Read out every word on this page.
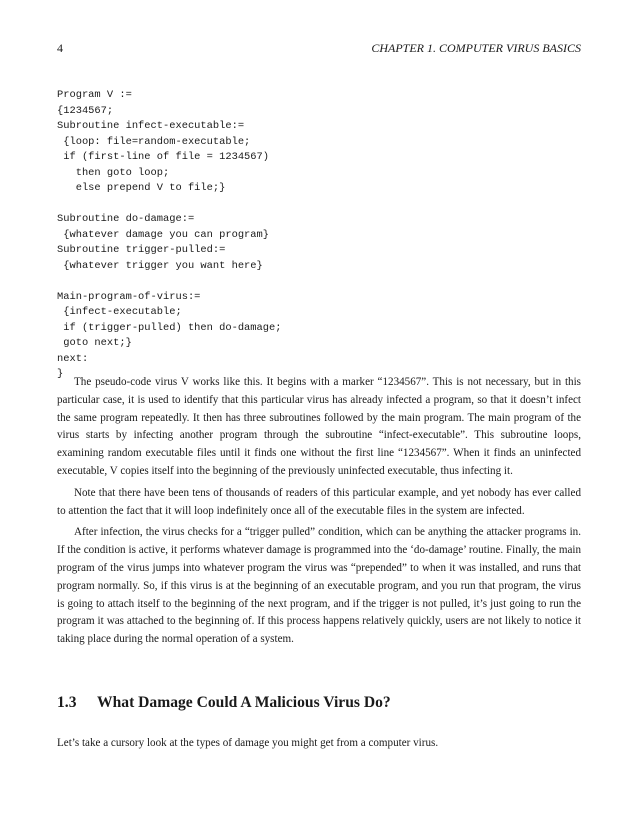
4	CHAPTER 1. COMPUTER VIRUS BASICS
Program V :=
{1234567;
Subroutine infect-executable:=
{loop: file=random-executable;
if (first-line of file = 1234567)
then goto loop;
else prepend V to file;}
Subroutine do-damage:=
{whatever damage you can program}
Subroutine trigger-pulled:=
{whatever trigger you want here}
Main-program-of-virus:=
{infect-executable;
if (trigger-pulled) then do-damage;
goto next;}
next:
}

The pseudo-code virus V works like this. It begins with a marker “1234567”. This is not necessary, but in this particular case, it is used to identify that this particular virus has already infected a program, so that it doesn’t infect the same program repeatedly. It then has three subroutines followed by the main program. The main program of the virus starts by infecting another program through the subroutine “infect-executable”. This subroutine loops, examining random executable files until it finds one without the first line “1234567”. When it finds an uninfected executable, V copies itself into the beginning of the previously uninfected executable, thus infecting it.

Note that there have been tens of thousands of readers of this particular example, and yet nobody has ever called to attention the fact that it will loop indefinitely once all of the executable files in the system are infected.

After infection, the virus checks for a “trigger pulled” condition, which can be anything the attacker programs in. If the condition is active, it performs whatever damage is programmed into the ‘do-damage’ routine. Finally, the main program of the virus jumps into whatever program the virus was “prepended” to when it was installed, and runs that program normally. So, if this virus is at the beginning of an executable program, and you run that program, the virus is going to attach itself to the beginning of the next program, and if the trigger is not pulled, it’s just going to run the program it was attached to the beginning of. If this process happens relatively quickly, users are not likely to notice it taking place during the normal operation of a system.

1.3 What Damage Could A Malicious Virus Do?

Let’s take a cursory look at the types of damage you might get from a computer virus.
